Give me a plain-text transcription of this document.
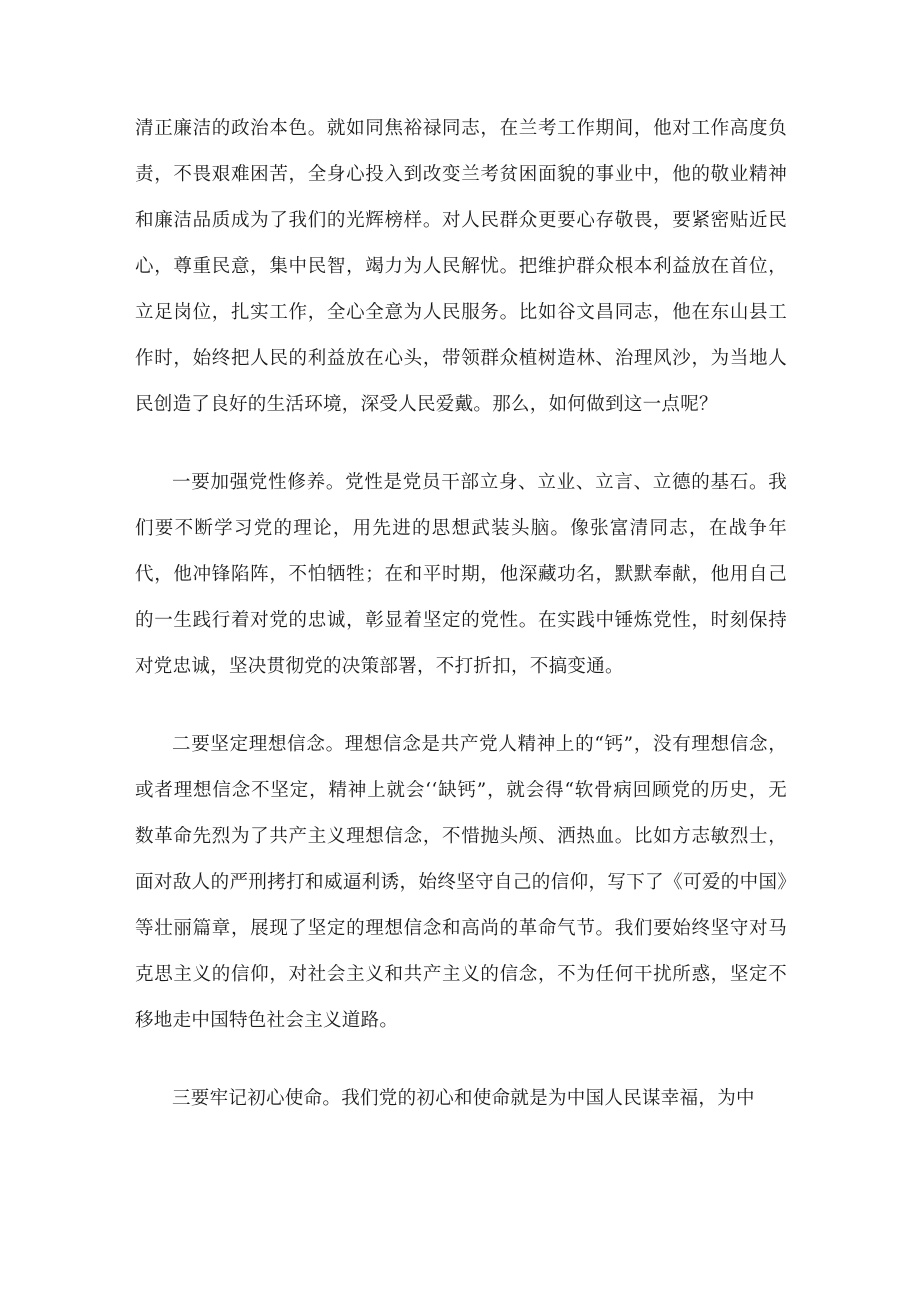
清正廉洁的政治本色。就如同焦裕禄同志，在兰考工作期间，他对工作高度负责，不畏艰难困苦，全身心投入到改变兰考贫困面貌的事业中，他的敬业精神和廉洁品质成为了我们的光辉榜样。对人民群众更要心存敬畏，要紧密贴近民心，尊重民意，集中民智，竭力为人民解忧。把维护群众根本利益放在首位，立足岗位，扎实工作，全心全意为人民服务。比如谷文昌同志，他在东山县工作时，始终把人民的利益放在心头，带领群众植树造林、治理风沙，为当地人民创造了良好的生活环境，深受人民爱戴。那么，如何做到这一点呢？

一要加强党性修养。党性是党员干部立身、立业、立言、立德的基石。我们要不断学习党的理论，用先进的思想武装头脑。像张富清同志，在战争年代，他冲锋陷阵，不怕牺牲；在和平时期，他深藏功名，默默奉献，他用自己的一生践行着对党的忠诚，彰显着坚定的党性。在实践中锤炼党性，时刻保持对党忠诚，坚决贯彻党的决策部署，不打折扣，不搞变通。

二要坚定理想信念。理想信念是共产党人精神上的“钙”，没有理想信念，或者理想信念不坚定，精神上就会‘‘缺钙”，就会得“软骨病回顾党的历史，无数革命先烈为了共产主义理想信念，不惜抛头颅、洒热血。比如方志敏烈士，面对敌人的严刑拷打和威逼利诱，始终坚守自己的信仰，写下了《可爱的中国》等壮丽篇章，展现了坚定的理想信念和高尚的革命气节。我们要始终坚守对马克思主义的信仰，对社会主义和共产主义的信念，不为任何干扰所惑，坚定不移地走中国特色社会主义道路。

三要牢记初心使命。我们党的初心和使命就是为中国人民谋幸福，为中
